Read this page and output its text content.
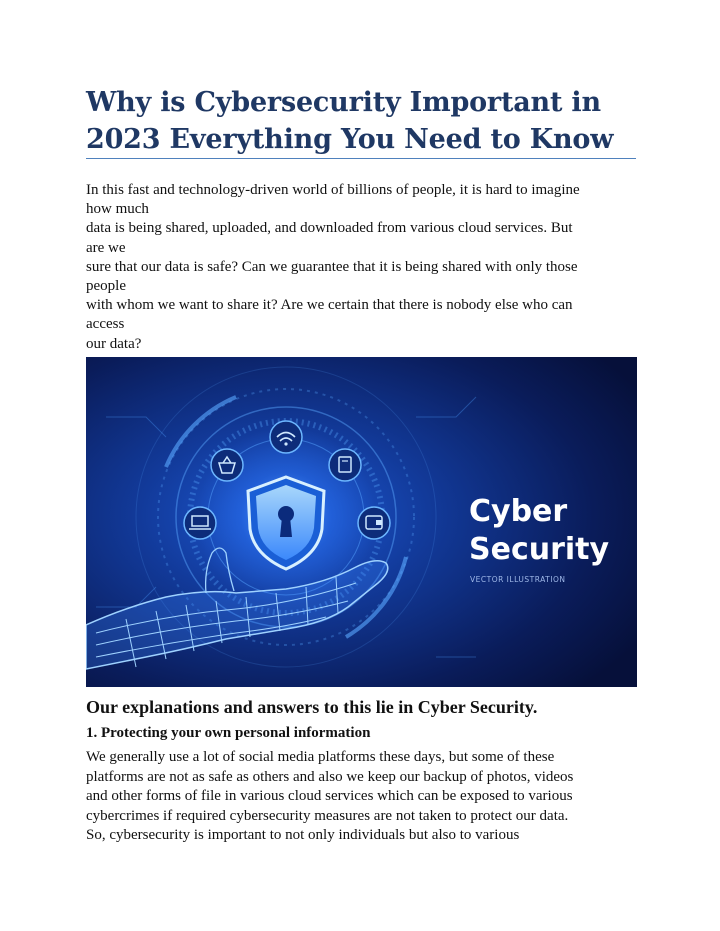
Why is Cybersecurity Important in
2023 Everything You Need to Know

In this fast and technology-driven world of billions of people, it is hard to imagine
how much
data is being shared, uploaded, and downloaded from various cloud services. But
are we
sure that our data is safe? Can we guarantee that it is being shared with only those
people
with whom we want to share it? Are we certain that there is nobody else who can
access
our data?

Cyber
Security
VECTOR ILLUSTRATION
Our explanations and answers to this lie in Cyber Security.
1. Protecting your own personal information

We generally use a lot of social media platforms these days, but some of these
platforms are not as safe as others and also we keep our backup of photos, videos
and other forms of file in various cloud services which can be exposed to various
cybercrimes if required cybersecurity measures are not taken to protect our data.
So, cybersecurity is important to not only individuals but also to various
